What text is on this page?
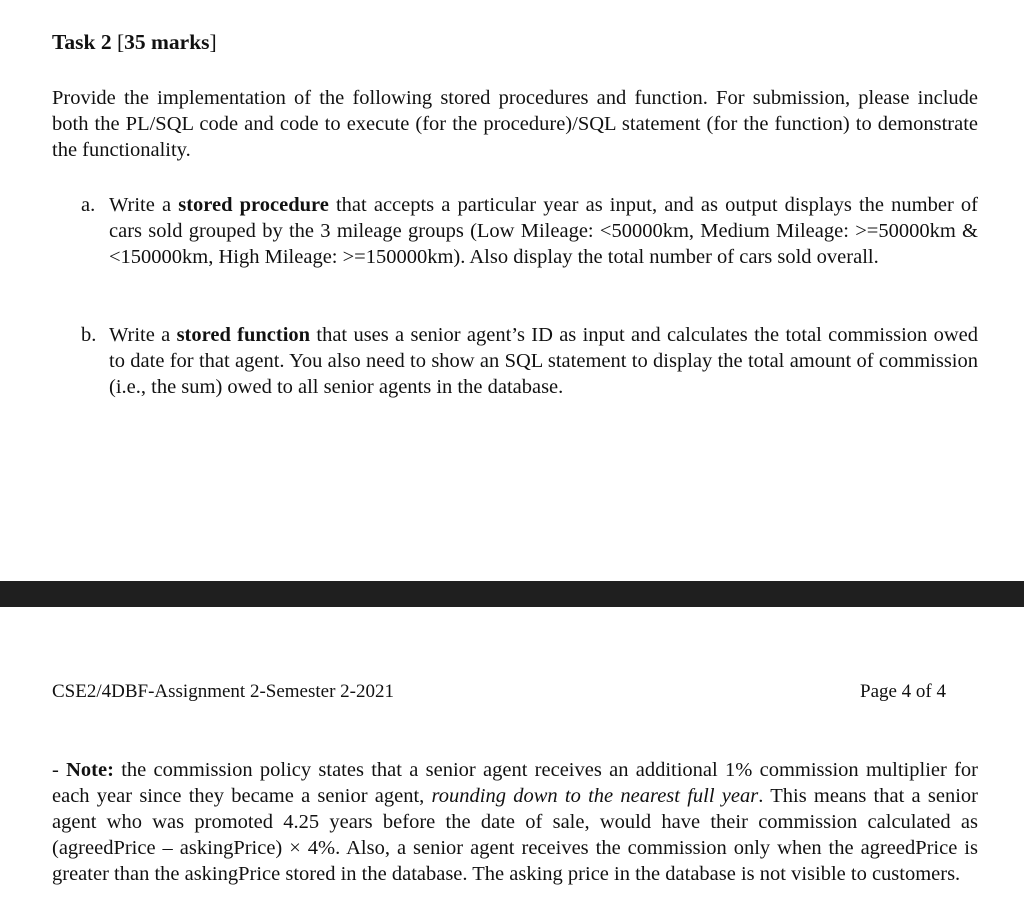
Task 2 [35 marks]

Provide the implementation of the following stored procedures and function. For submission, please include both the PL/SQL code and code to execute (for the procedure)/SQL statement (for the function) to demonstrate the functionality.

a. Write a stored procedure that accepts a particular year as input, and as output displays the number of cars sold grouped by the 3 mileage groups (Low Mileage: <50000km, Medium Mileage: >=50000km & <150000km, High Mileage: >=150000km). Also display the total number of cars sold overall.
b. Write a stored function that uses a senior agent’s ID as input and calculates the total commission owed to date for that agent. You also need to show an SQL statement to display the total amount of commission (i.e., the sum) owed to all senior agents in the database.
CSE2/4DBF-Assignment 2-Semester 2-2021	Page 4 of 4

- Note: the commission policy states that a senior agent receives an additional 1% commission multiplier for each year since they became a senior agent, rounding down to the nearest full year. This means that a senior agent who was promoted 4.25 years before the date of sale, would have their commission calculated as (agreedPrice – askingPrice) × 4%. Also, a senior agent receives the commission only when the agreedPrice is greater than the askingPrice stored in the database. The asking price in the database is not visible to customers.
